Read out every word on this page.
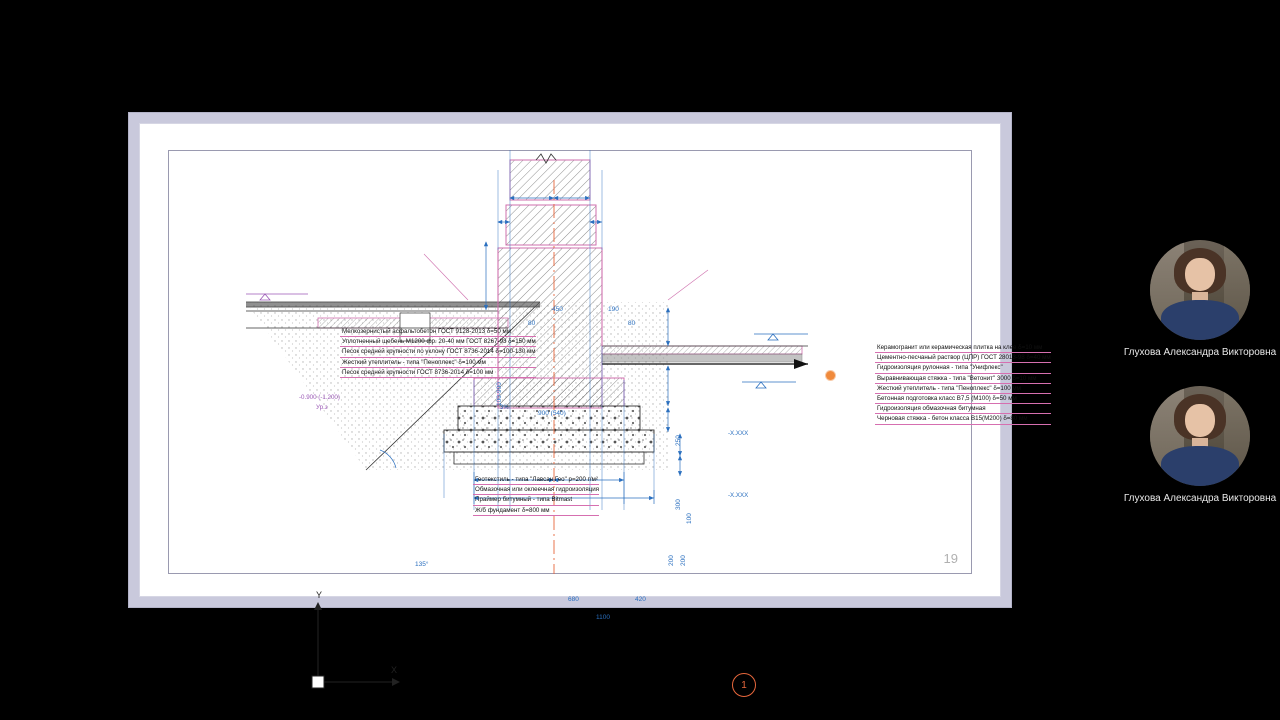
Мелкозернистый асфальтобетон ГОСТ 9128-2013 δ=50 мм
Уплотненный щебень М1200 фр. 20-40 мм ГОСТ 8267-93 δ=150 мм
Песок средней крупности по уклону ГОСТ 8736-2014 δ=100-130 мм
Жесткий утеплитель - типа "Пеноплекс" δ=100 мм
Песок средней крупности ГОСТ 8736-2014 δ=100 мм
Керамогранит или керамическая плитка на клее δ=10 мм
Цементно-песчаный раствор (ЦПР) ГОСТ 28013-98 δ=40 мм
Гидроизоляция рулонная - типа "Унифлекс"
Выравнивающая стяжка - типа "Ветонит" 3000 δ=10 мм
Жесткий утеплитель - типа "Пеноплекс" δ=100 мм
Бетонная подготовка класс В7,5 (М100) δ=50 мм
Гидроизоляция обмазочная битумная
Черновая стяжка - бетон класса В15(М200) δ=80 мм
Геотекстиль - типа "Лавсан Гео" p=200 г/м²
Обмазочная или оклеечная гидроизоляция
Праймер битумный - типа Bitmast
Ж/б фундамент δ=800 мм
450	190
80	80
100-900
900 (540)
250
300
100
200 200
680	420
1100
135°
-0.900 (-1.200)
Ур.з	3%
-X.XXX
-X.XXX
Y
X
1
19
Глухова Александра Викторовна
Глухова Александра Викторовна
